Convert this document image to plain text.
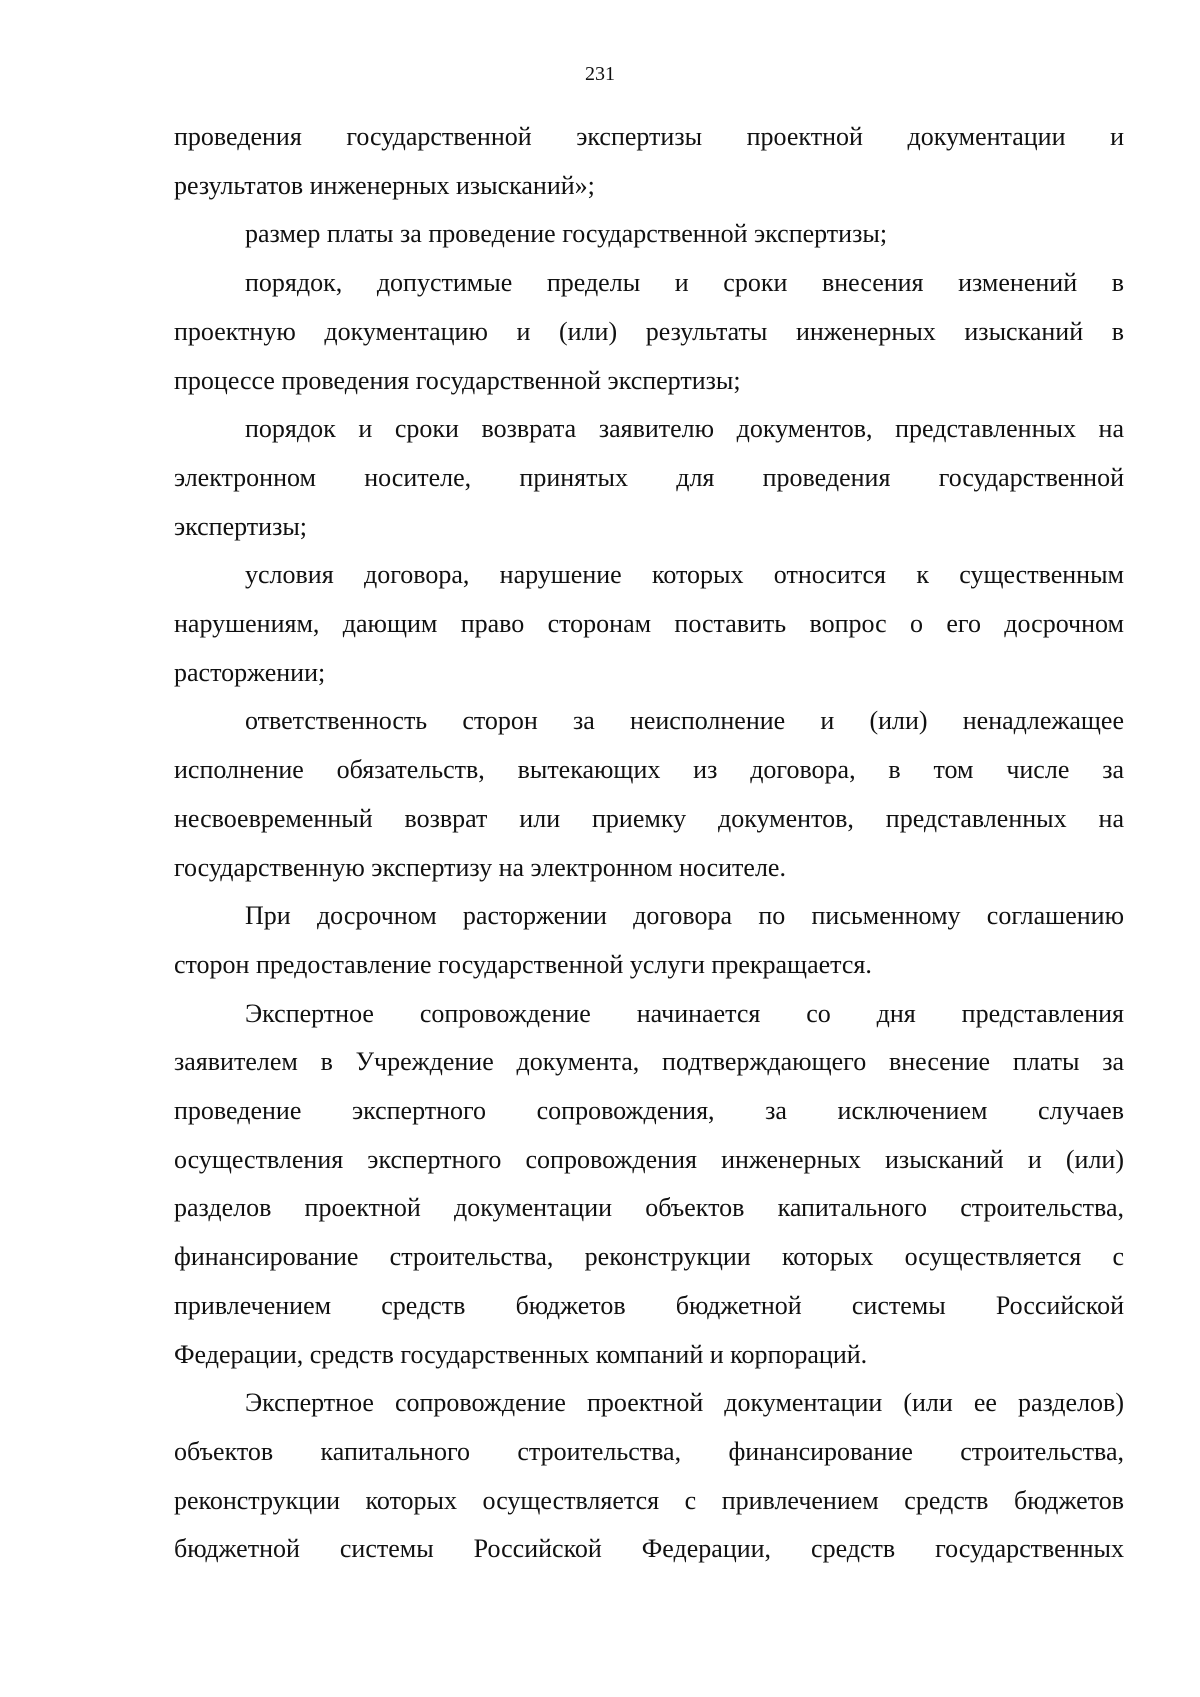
231
проведения государственной экспертизы проектной документации и
результатов инженерных изысканий»;
размер платы за проведение государственной экспертизы;
порядок, допустимые пределы и сроки внесения изменений в
проектную документацию и (или) результаты инженерных изысканий в
процессе проведения государственной экспертизы;
порядок и сроки возврата заявителю документов, представленных на
электронном носителе, принятых для проведения государственной
экспертизы;
условия договора, нарушение которых относится к существенным
нарушениям, дающим право сторонам поставить вопрос о его досрочном
расторжении;
ответственность сторон за неисполнение и (или) ненадлежащее
исполнение обязательств, вытекающих из договора, в том числе за
несвоевременный возврат или приемку документов, представленных на
государственную экспертизу на электронном носителе.
При досрочном расторжении договора по письменному соглашению
сторон предоставление государственной услуги прекращается.
Экспертное сопровождение начинается со дня представления
заявителем в Учреждение документа, подтверждающего внесение платы за
проведение экспертного сопровождения, за исключением случаев
осуществления экспертного сопровождения инженерных изысканий и (или)
разделов проектной документации объектов капитального строительства,
финансирование строительства, реконструкции которых осуществляется с
привлечением средств бюджетов бюджетной системы Российской
Федерации, средств государственных компаний и корпораций.
Экспертное сопровождение проектной документации (или ее разделов)
объектов капитального строительства, финансирование строительства,
реконструкции которых осуществляется с привлечением средств бюджетов
бюджетной системы Российской Федерации, средств государственных
